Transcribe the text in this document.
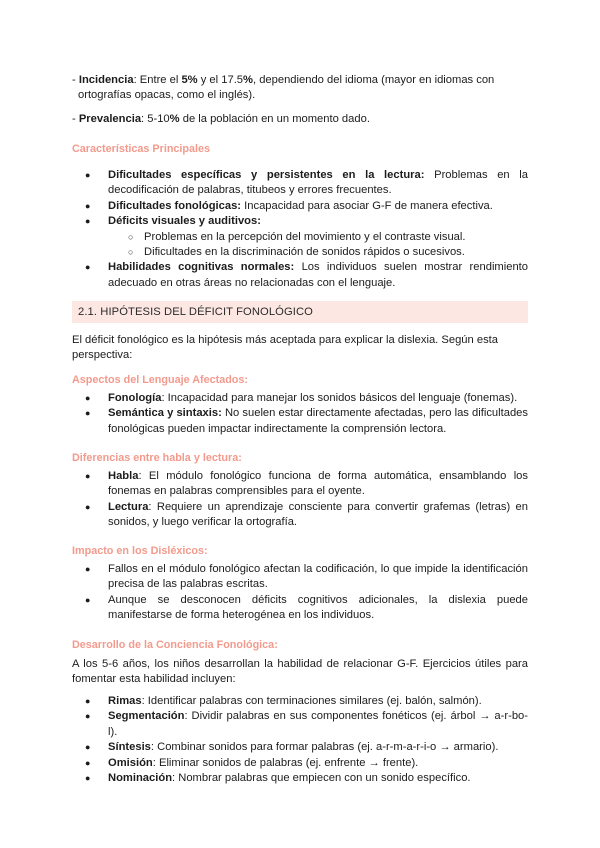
- Incidencia: Entre el 5% y el 17.5%, dependiendo del idioma (mayor en idiomas con
ortografías opacas, como el inglés).
- Prevalencia: 5-10% de la población en un momento dado.
Características Principales
● Dificultades específicas y persistentes en la lectura: Problemas en la decodificación de palabras, titubeos y errores frecuentes.
● Dificultades fonológicas: Incapacidad para asociar G-F de manera efectiva.
● Déficits visuales y auditivos:
○ Problemas en la percepción del movimiento y el contraste visual.
○ Dificultades en la discriminación de sonidos rápidos o sucesivos.
● Habilidades cognitivas normales: Los individuos suelen mostrar rendimiento adecuado en otras áreas no relacionadas con el lenguaje.
2.1. HIPÓTESIS DEL DÉFICIT FONOLÓGICO
El déficit fonológico es la hipótesis más aceptada para explicar la dislexia. Según esta perspectiva:
Aspectos del Lenguaje Afectados:
● Fonología: Incapacidad para manejar los sonidos básicos del lenguaje (fonemas).
● Semántica y sintaxis: No suelen estar directamente afectadas, pero las dificultades fonológicas pueden impactar indirectamente la comprensión lectora.
Diferencias entre habla y lectura:
● Habla: El módulo fonológico funciona de forma automática, ensamblando los fonemas en palabras comprensibles para el oyente.
● Lectura: Requiere un aprendizaje consciente para convertir grafemas (letras) en sonidos, y luego verificar la ortografía.
Impacto en los Disléxicos:
● Fallos en el módulo fonológico afectan la codificación, lo que impide la identificación precisa de las palabras escritas.
● Aunque se desconocen déficits cognitivos adicionales, la dislexia puede manifestarse de forma heterogénea en los individuos.
Desarrollo de la Conciencia Fonológica:
A los 5-6 años, los niños desarrollan la habilidad de relacionar G-F. Ejercicios útiles para fomentar esta habilidad incluyen:
● Rimas: Identificar palabras con terminaciones similares (ej. balón, salmón).
● Segmentación: Dividir palabras en sus componentes fonéticos (ej. árbol → a-r-bo-l).
● Síntesis: Combinar sonidos para formar palabras (ej. a-r-m-a-r-i-o → armario).
● Omisión: Eliminar sonidos de palabras (ej. enfrente → frente).
● Nominación: Nombrar palabras que empiecen con un sonido específico.
